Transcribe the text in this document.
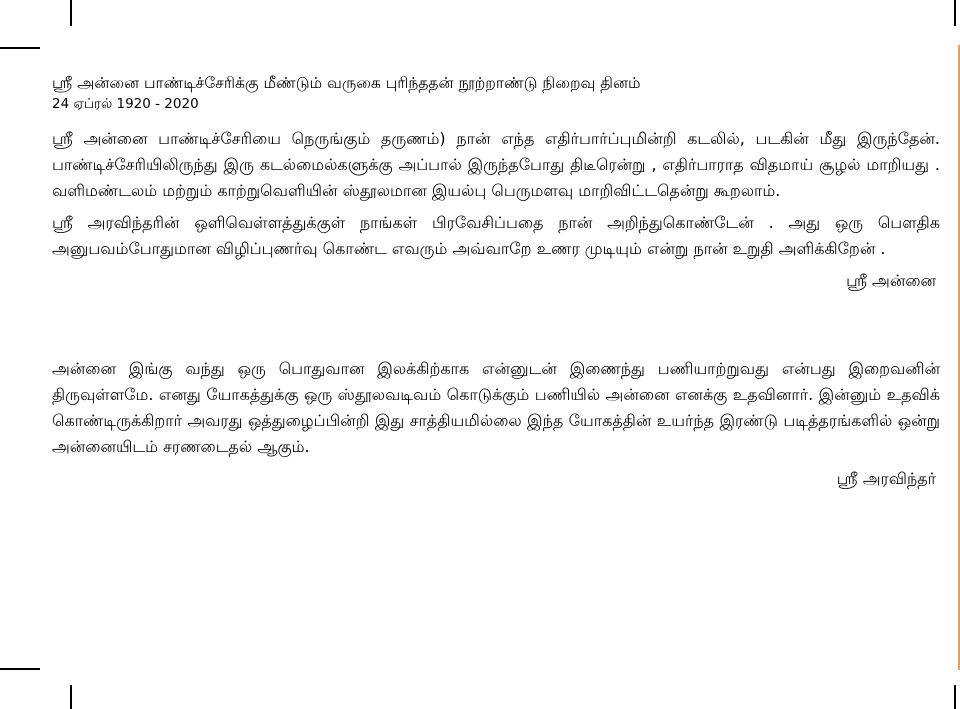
ஸ்ரீ அன்னை பாண்டிச்சேரிக்கு மீண்டும் வருகை புரிந்ததன் நூற்றாண்டு நிறைவு தினம்

24 ஏப்ரல் 1920 - 2020

ஸ்ரீ அன்னை பாண்டிச்சேரியை நெருங்கும் தருணம்) நான் எந்த எதிர்பார்ப்புமின்றி கடலில், படகின் மீது இருந்தேன். பாண்டிச்சேரியிலிருந்து இரு கடல்மைல்களுக்கு அப்பால் இருந்தபோது திடீரென்று , எதிர்பாராத விதமாய் சூழல் மாறியது . வளிமண்டலம் மற்றும் காற்றுவெளியின் ஸ்தூலமான இயல்பு பெருமளவு மாறிவிட்டதென்று கூறலாம்.

ஸ்ரீ அரவிந்தரின் ஒளிவெள்ளத்துக்குள் நாங்கள் பிரவேசிப்பதை நான் அறிந்துகொண்டேன் . அது ஒரு பௌதிக அனுபவம்போதுமான விழிப்புணர்வு கொண்ட எவரும் அவ்வாறே உணர முடியும் என்று நான் உறுதி அளிக்கிறேன் .

ஸ்ரீ அன்னை

அன்னை இங்கு வந்து ஒரு பொதுவான இலக்கிற்காக என்னுடன் இணைந்து பணியாற்றுவது என்பது இறைவனின் திருவுள்ளமே. எனது யோகத்துக்கு ஒரு ஸ்தூலவடிவம் கொடுக்கும் பணியில் அன்னை எனக்கு உதவினார். இன்னும் உதவிக் கொண்டிருக்கிறார் அவரது ஒத்துழைப்பின்றி இது சாத்தியமில்லை இந்த யோகத்தின் உயர்ந்த இரண்டு படித்தரங்களில் ஒன்று அன்னையிடம் சரணடைதல் ஆகும்.

ஸ்ரீ அரவிந்தர்
